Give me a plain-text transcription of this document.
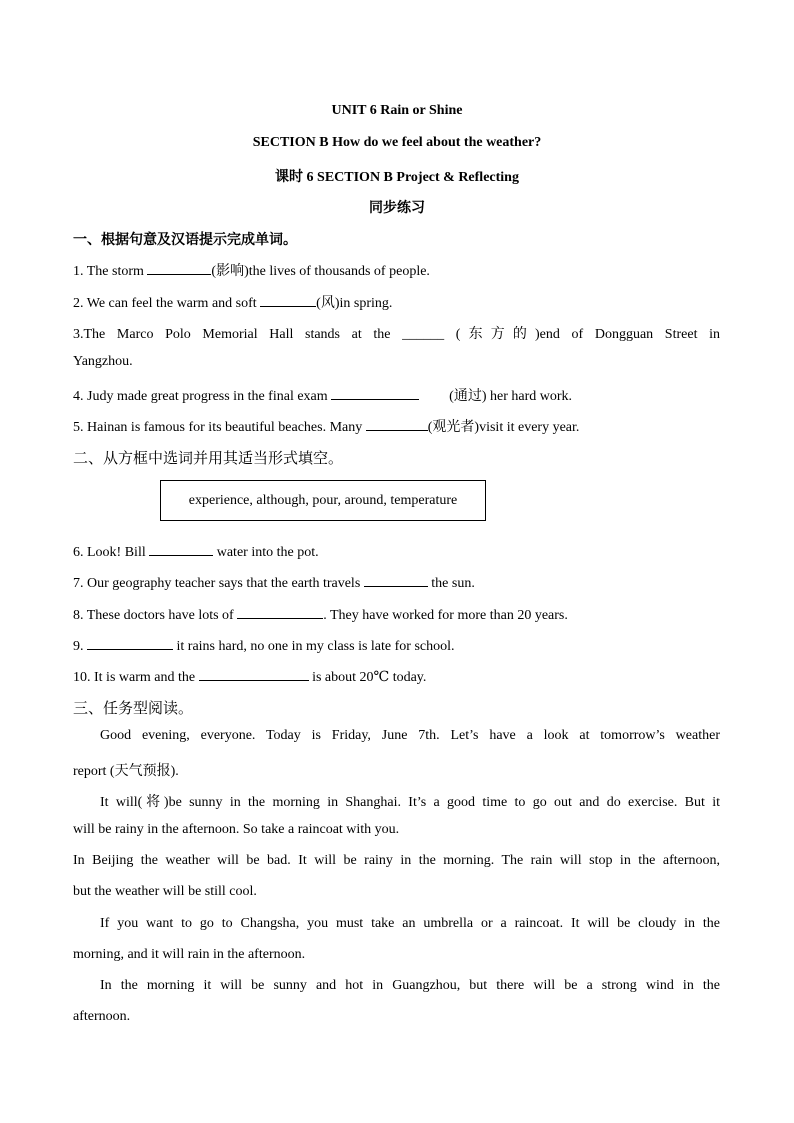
UNIT 6 Rain or Shine
SECTION B How do we feel about the weather?
课时 6 SECTION B Project & Reflecting
同步练习
一、根据句意及汉语提示完成单词。
1. The storm	(影响)the lives of thousands of people.
2. We can feel the warm and soft	(风)in spring.
3.The Marco Polo Memorial Hall stands at the ______ (东方的)end of Dongguan Street in
Yangzhou.
4. Judy made great progress in the final exam	(通过) her hard work.
5. Hainan is famous for its beautiful beaches. Many	(观光者)visit it every year.
二、从方框中选词并用其适当形式填空。
experience, although, pour, around, temperature
6. Look! Bill	water into the pot.
7. Our geography teacher says that the earth travels	the sun.
8. These doctors have lots of	. They have worked for more than 20 years.
9.	it rains hard, no one in my class is late for school.
10. It is warm and the	is about 20℃ today.
三、任务型阅读。
Good evening, everyone. Today is Friday, June 7th. Let’s have a look at tomorrow’s weather
report (天气预报).
It will(将)be sunny in the morning in Shanghai. It’s a good time to go out and do exercise. But it
will be rainy in the afternoon. So take a raincoat with you.
In Beijing the weather will be bad. It will be rainy in the morning. The rain will stop in the afternoon,
but the weather will be still cool.
If you want to go to Changsha, you must take an umbrella or a raincoat. It will be cloudy in the
morning, and it will rain in the afternoon.
In the morning it will be sunny and hot in Guangzhou, but there will be a strong wind in the
afternoon.
